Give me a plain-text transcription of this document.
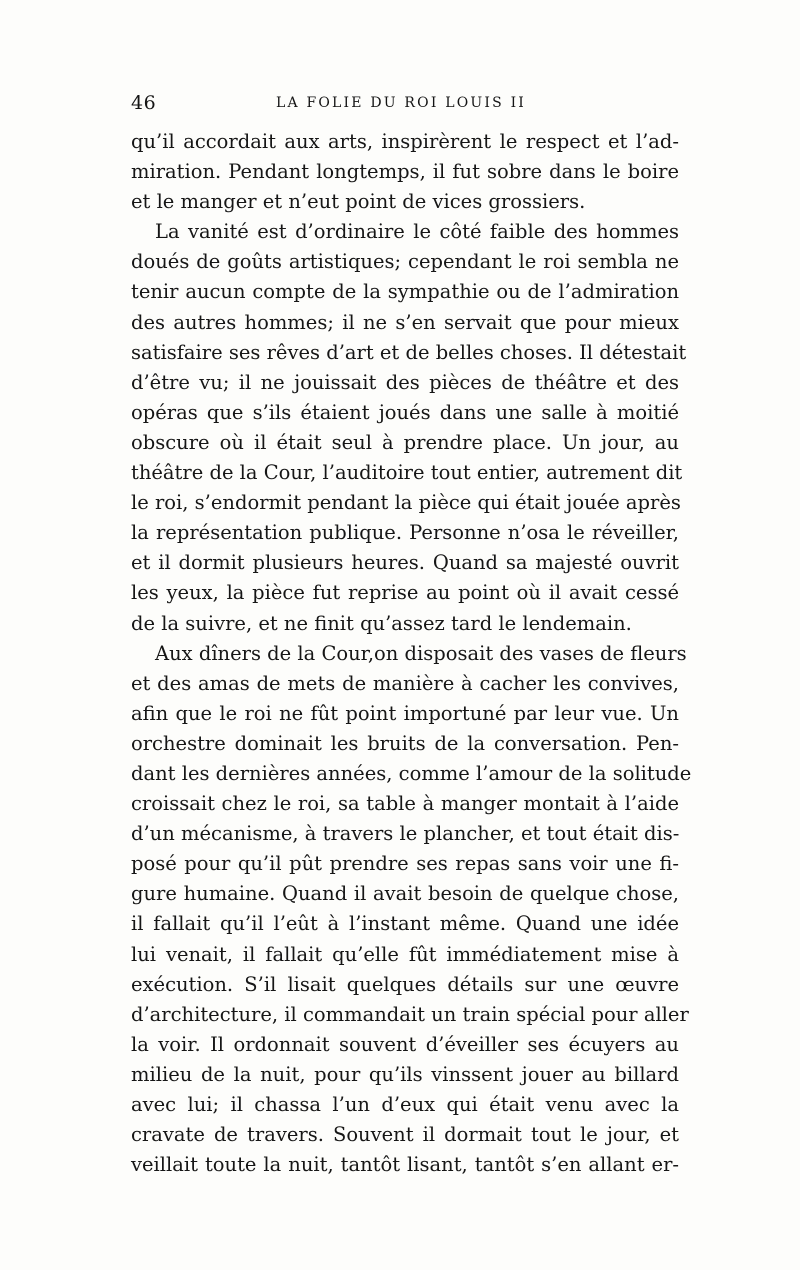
46	LA FOLIE DU ROI LOUIS II
qu’il accordait aux arts, inspirèrent le respect et l’ad-
miration. Pendant longtemps, il fut sobre dans le boire
et le manger et n’eut point de vices grossiers.
La vanité est d’ordinaire le côté faible des hommes
doués de goûts artistiques; cependant le roi sembla ne
tenir aucun compte de la sympathie ou de l’admiration
des autres hommes; il ne s’en servait que pour mieux
satisfaire ses rêves d’art et de belles choses. Il détestait
d’être vu; il ne jouissait des pièces de théâtre et des
opéras que s’ils étaient joués dans une salle à moitié
obscure où il était seul à prendre place. Un jour, au
théâtre de la Cour, l’auditoire tout entier, autrement dit
le roi, s’endormit pendant la pièce qui était jouée après
la représentation publique. Personne n’osa le réveiller,
et il dormit plusieurs heures. Quand sa majesté ouvrit
les yeux, la pièce fut reprise au point où il avait cessé
de la suivre, et ne finit qu’assez tard le lendemain.
Aux dîners de la Cour,on disposait des vases de fleurs
et des amas de mets de manière à cacher les convives,
afin que le roi ne fût point importuné par leur vue. Un
orchestre dominait les bruits de la conversation. Pen-
dant les dernières années, comme l’amour de la solitude
croissait chez le roi, sa table à manger montait à l’aide
d’un mécanisme, à travers le plancher, et tout était dis-
posé pour qu’il pût prendre ses repas sans voir une fi-
gure humaine. Quand il avait besoin de quelque chose,
il fallait qu’il l’eût à l’instant même. Quand une idée
lui venait, il fallait qu’elle fût immédiatement mise à
exécution. S’il lisait quelques détails sur une œuvre
d’architecture, il commandait un train spécial pour aller
la voir. Il ordonnait souvent d’éveiller ses écuyers au
milieu de la nuit, pour qu’ils vinssent jouer au billard
avec lui; il chassa l’un d’eux qui était venu avec la
cravate de travers. Souvent il dormait tout le jour, et
veillait toute la nuit, tantôt lisant, tantôt s’en allant er-
